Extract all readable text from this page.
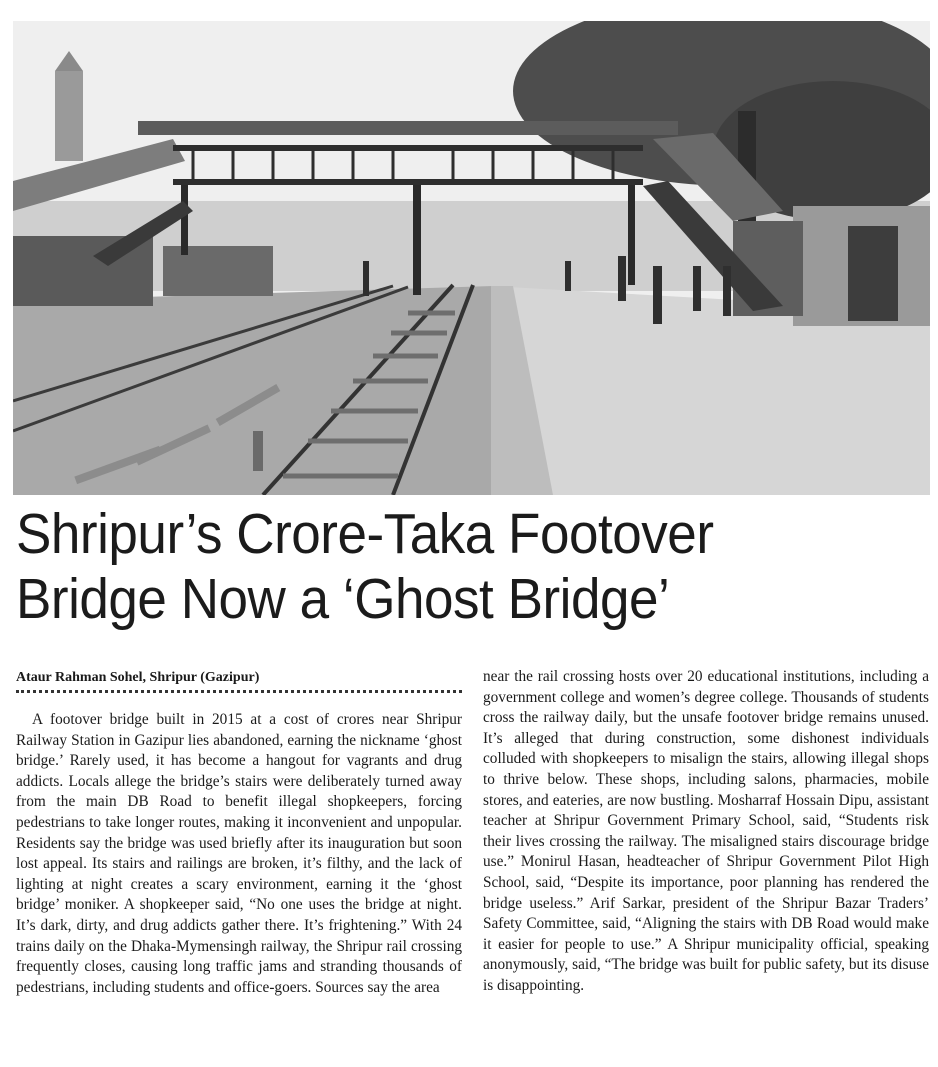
Shripur’s Crore-Taka Footover
Bridge Now a ‘Ghost Bridge’
Ataur Rahman Sohel, Shripur (Gazipur)

A footover bridge built in 2015 at a cost of crores near Shripur Railway Station in Gazipur lies abandoned, earning the nickname ‘ghost bridge.’ Rarely used, it has become a hangout for vagrants and drug addicts. Locals allege the bridge’s stairs were deliberately turned away from the main DB Road to benefit illegal shopkeepers, forcing pedestrians to take longer routes, making it inconvenient and unpopular. Residents say the bridge was used briefly after its inauguration but soon lost appeal. Its stairs and railings are broken, it’s filthy, and the lack of lighting at night creates a scary environment, earning it the ‘ghost bridge’ moniker. A shopkeeper said, “No one uses the bridge at night. It’s dark, dirty, and drug addicts gather there. It’s frightening.” With 24 trains daily on the Dhaka-Mymensingh railway, the Shripur rail crossing frequently closes, causing long traffic jams and stranding thousands of pedestrians, including students and office-goers. Sources say the area

near the rail crossing hosts over 20 educational institutions, including a government college and women’s degree college. Thousands of students cross the railway daily, but the unsafe footover bridge remains unused. It’s alleged that during construction, some dishonest individuals colluded with shopkeepers to misalign the stairs, allowing illegal shops to thrive below. These shops, including salons, pharmacies, mobile stores, and eateries, are now bustling. Mosharraf Hossain Dipu, assistant teacher at Shripur Government Primary School, said, “Students risk their lives crossing the railway. The misaligned stairs discourage bridge use.” Monirul Hasan, headteacher of Shripur Government Pilot High School, said, “Despite its importance, poor planning has rendered the bridge useless.” Arif Sarkar, president of the Shripur Bazar Traders’ Safety Committee, said, “Aligning the stairs with DB Road would make it easier for people to use.” A Shripur municipality official, speaking anonymously, said, “The bridge was built for public safety, but its disuse is disappointing.
